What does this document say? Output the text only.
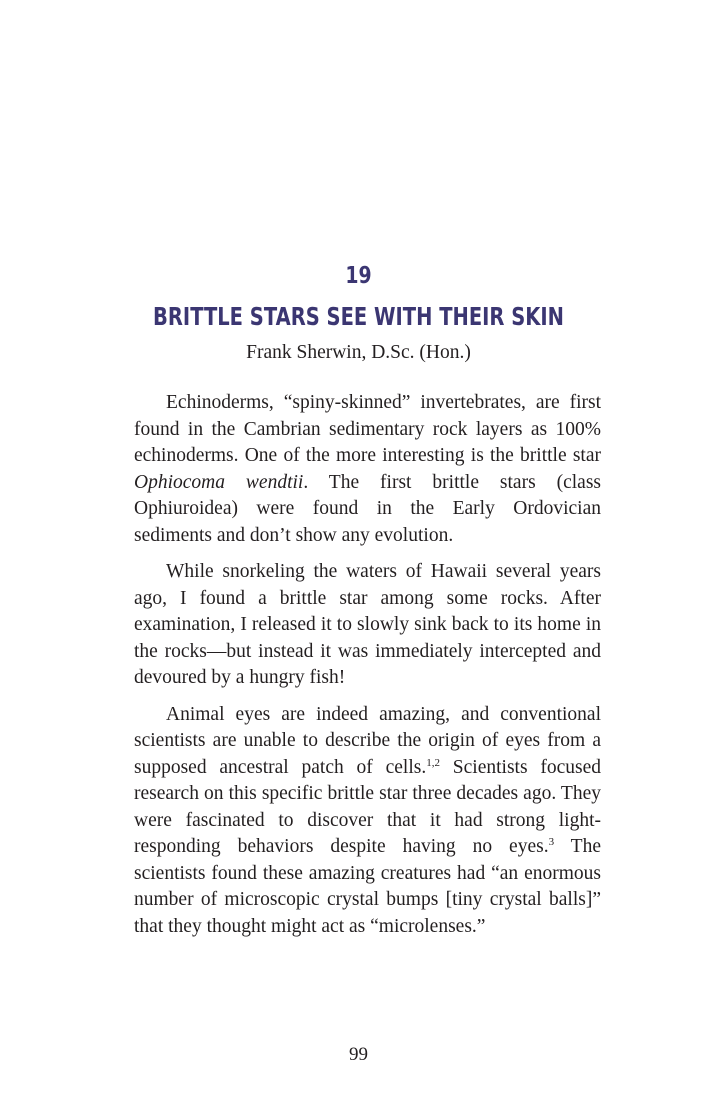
19
BRITTLE STARS SEE WITH THEIR SKIN
Frank Sherwin, D.Sc. (Hon.)

Echinoderms, “spiny-skinned” invertebrates, are first found in the Cambrian sedimentary rock layers as 100% echinoderms. One of the more interesting is the brittle star Ophiocoma wendtii. The first brittle stars (class Ophiuroidea) were found in the Early Ordovician sediments and don’t show any evolution.

While snorkeling the waters of Hawaii several years ago, I found a brittle star among some rocks. After examination, I released it to slowly sink back to its home in the rocks—but instead it was immediately intercepted and devoured by a hungry fish!

Animal eyes are indeed amazing, and conventional scientists are unable to describe the origin of eyes from a supposed ancestral patch of cells.$^{1,2}$ Scientists focused research on this specific brittle star three decades ago. They were fascinated to discover that it had strong light-responding behaviors despite having no eyes.$^3$ The scientists found these amazing creatures had “an enormous number of microscopic crystal bumps [tiny crystal balls]” that they thought might act as “microlenses.”

99
